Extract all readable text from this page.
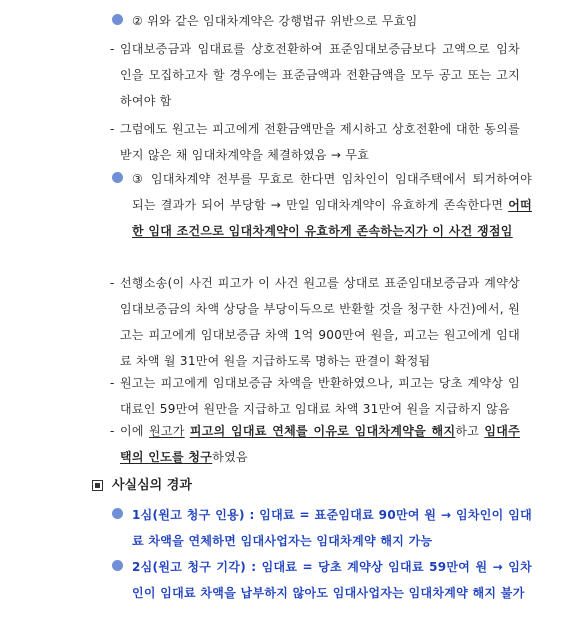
② 위와 같은 임대차계약은 강행법규 위반으로 무효임
- 임대보증금과 임대료를 상호전환하여 표준임대보증금보다 고액으로 임차인을 모집하고자 할 경우에는 표준금액과 전환금액을 모두 공고 또는 고지하여야 함
- 그럼에도 원고는 피고에게 전환금액만을 제시하고 상호전환에 대한 동의를 받지 않은 채 임대차계약을 체결하였음 → 무효
③ 임대차계약 전부를 무효로 한다면 임차인이 임대주택에서 퇴거하여야 되는 결과가 되어 부당함 → 만일 임대차계약이 유효하게 존속한다면 어떠한 임대 조건으로 임대차계약이 유효하게 존속하는지가 이 사건 쟁점임
- 선행소송(이 사건 피고가 이 사건 원고를 상대로 표준임대보증금과 계약상 임대보증금의 차액 상당을 부당이득으로 반환할 것을 청구한 사건)에서, 원고는 피고에게 임대보증금 차액 1억 900만여 원을, 피고는 원고에게 임대료 차액 월 31만여 원을 지급하도록 명하는 판결이 확정됨
- 원고는 피고에게 임대보증금 차액을 반환하였으나, 피고는 당초 계약상 임대료인 59만여 원만을 지급하고 임대료 차액 31만여 원을 지급하지 않음
- 이에 원고가 피고의 임대료 연체를 이유로 임대차계약을 해지하고 임대주택의 인도를 청구하였음
사실심의 경과
1심(원고 청구 인용) : 임대료 = 표준임대료 90만여 원 → 임차인이 임대료 차액을 연체하면 임대사업자는 임대차계약 해지 가능
2심(원고 청구 기각) : 임대료 = 당초 계약상 임대료 59만여 원 → 임차인이 임대료 차액을 납부하지 않아도 임대사업자는 임대차계약 해지 불가
